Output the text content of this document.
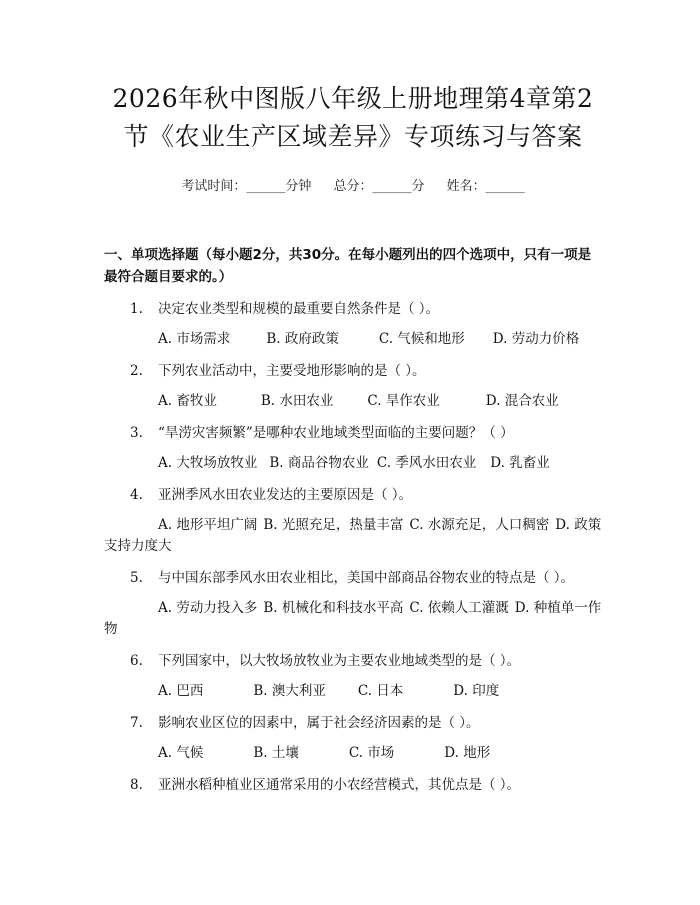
2026年秋中图版八年级上册地理第4章第2
节《农业生产区域差异》专项练习与答案
考试时间：______分钟 总分：______分 姓名：______
一、单项选择题（每小题2分，共30分。在每小题列出的四个选项中，只有一项是最符合题目要求的。）
1.	决定农业类型和规模的最重要自然条件是（ ）。
A. 市场需求	B. 政府政策	C. 气候和地形 D. 劳动力价格
2.	下列农业活动中，主要受地形影响的是（ ）。
A. 畜牧业	B. 水田农业	C. 旱作农业	D. 混合农业
3.	“旱涝灾害频繁”是哪种农业地域类型面临的主要问题？（ ）
A. 大牧场放牧业 B. 商品谷物农业 C. 季风水田农业 D. 乳畜业
4.	亚洲季风水田农业发达的主要原因是（ ）。
A. 地形平坦广阔 B. 光照充足，热量丰富 C. 水源充足，人口稠密 D. 政策支持力度大
5.	与中国东部季风水田农业相比，美国中部商品谷物农业的特点是（ ）。
A. 劳动力投入多 B. 机械化和科技水平高 C. 依赖人工灌溉 D. 种植单一作物
6.	下列国家中，以大牧场放牧业为主要农业地域类型的是（ ）。
A. 巴西	B. 澳大利亚 C. 日本	D. 印度
7.	影响农业区位的因素中，属于社会经济因素的是（ ）。
A. 气候	B. 土壤	C. 市场	D. 地形
8.	亚洲水稻种植业区通常采用的小农经营模式，其优点是（ ）。
